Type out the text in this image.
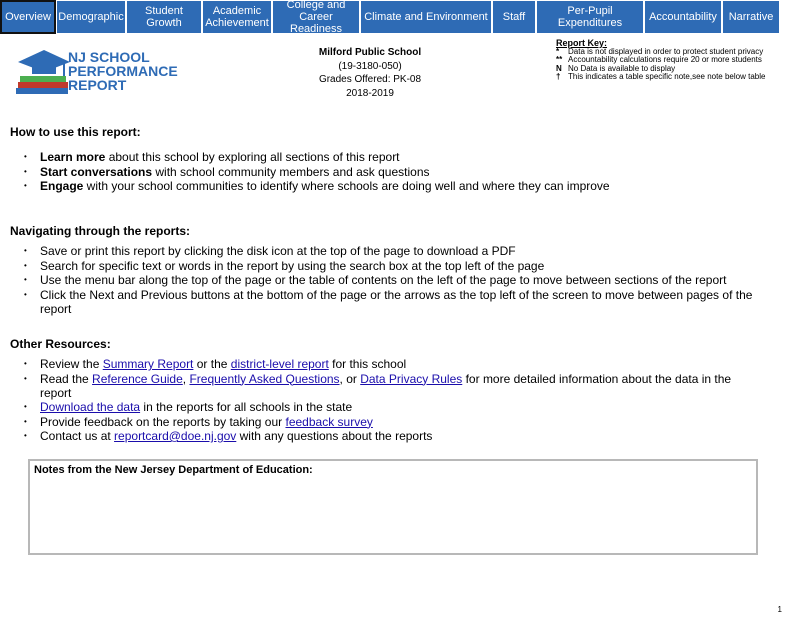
Overview Demographic	Student
Growth
Academic
Achievement
College and
Career Readiness
Climate and Environment	Staff	Per-Pupil Expenditures	Accountability	Narrative
NJ SCHOOL
PERFORMANCE
REPORT
Milford Public School
(19-3180-050)
Grades Offered: PK-08
2018-2019
Report Key:
*	Data is not displayed in order to protect student privacy
** Accountability calculations require 20 or more students
N No Data is available to display
† This indicates a table specific note,see note below table
How to use this report:
• Learn more about this school by exploring all sections of this report
• Start conversations with school community members and ask questions
• Engage with your school communities to identify where schools are doing well and where they can improve
Navigating through the reports:
• Save or print this report by clicking the disk icon at the top of the page to download a PDF
• Search for specific text or words in the report by using the search box at the top left of the page
• Use the menu bar along the top of the page or the table of contents on the left of the page to move between sections of the report
• Click the Next and Previous buttons at the bottom of the page or the arrows as the top left of the screen to move between pages of the report
Other Resources:
• Review the Summary Report or the district-level report for this school
• Read the Reference Guide, Frequently Asked Questions, or Data Privacy Rules for more detailed information about the data in the report
• Download the data in the reports for all schools in the state
• Provide feedback on the reports by taking our feedback survey
• Contact us at reportcard@doe.nj.gov with any questions about the reports
Notes from the New Jersey Department of Education:
1
